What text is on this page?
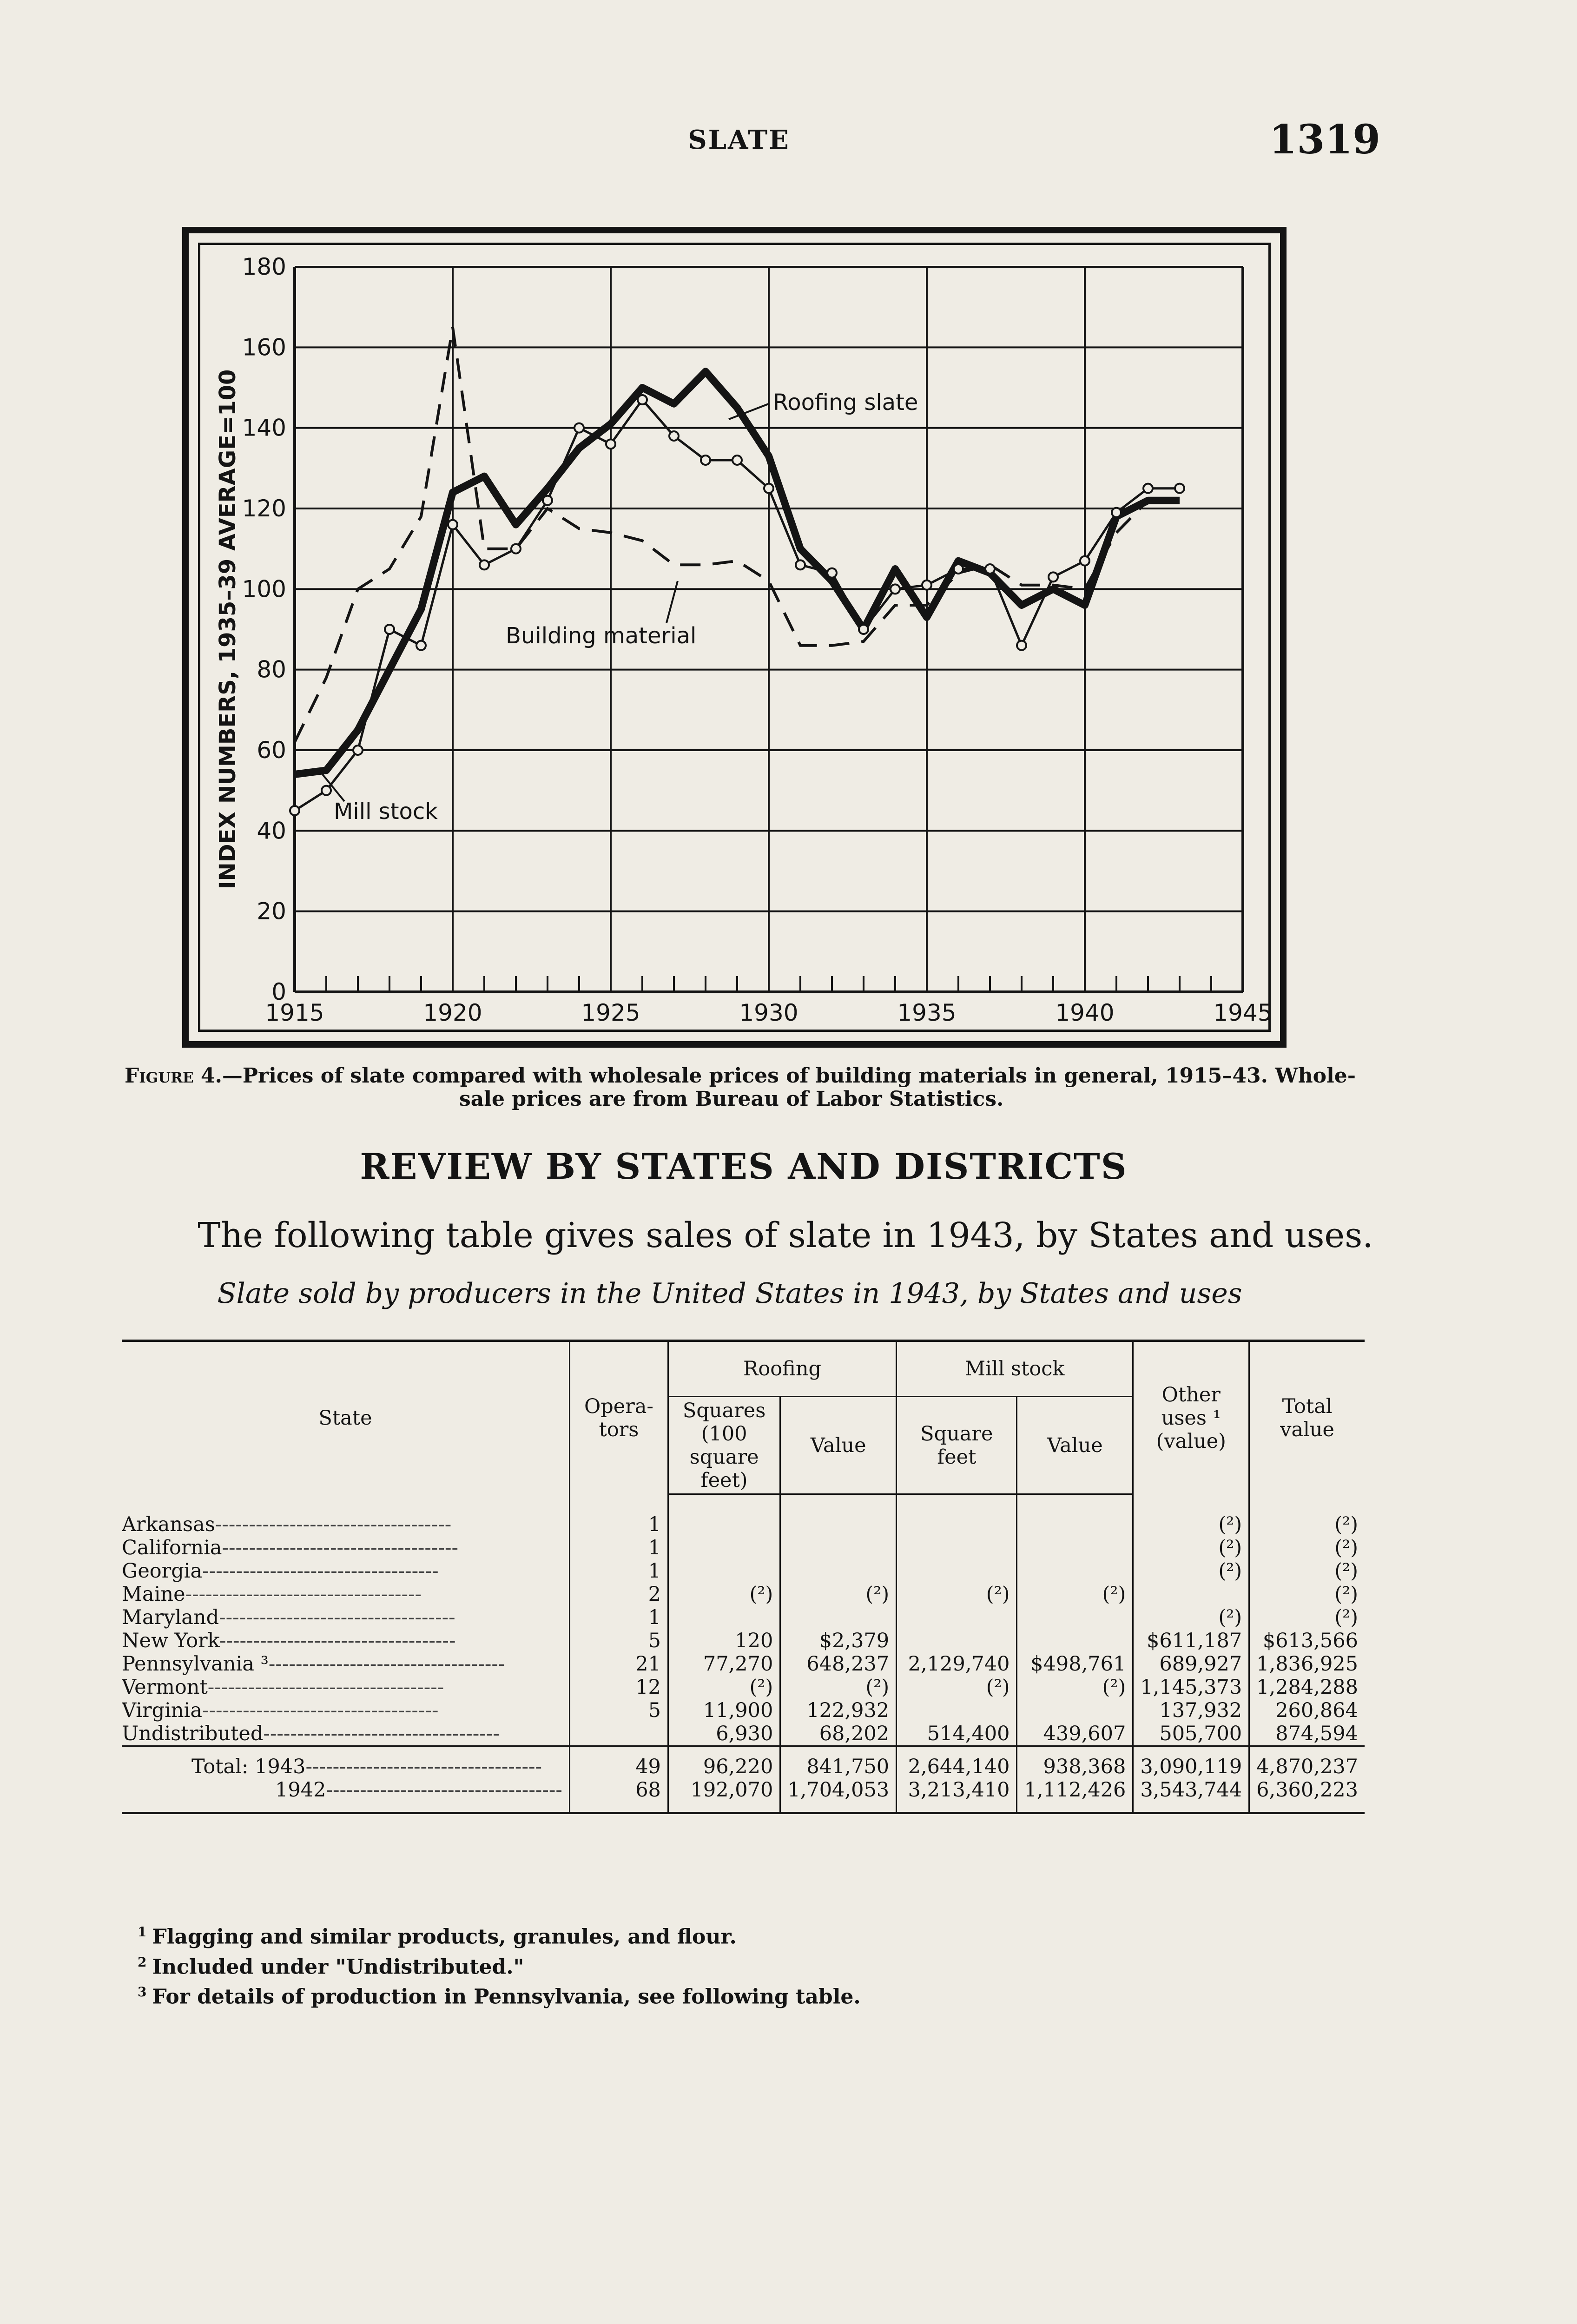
SLATE	1319
0
20
40
60
80
100
120
140
160
180
1915	1920	1925	1930	1935	1940	1945
Roofing slate
Building material
Mill stock
INDEX NUMBERS, 1935–39 AVERAGE=100
Figure 4.—Prices of slate compared with wholesale prices of building materials in general, 1915–43. Whole-
sale prices are from Bureau of Labor Statistics.
REVIEW BY STATES AND DISTRICTS
The following table gives sales of slate in 1943, by States and uses.
Slate sold by producers in the United States in 1943, by States and uses
State	Opera-tors	Roofing		Mill stock		Other uses ¹ (value)	Total value
		Squares (100 square feet)	Value	Square feet	Value		
Arkansas-----------------------------------	1					(²)	(²)
California-----------------------------------	1					(²)	(²)
Georgia-----------------------------------	1					(²)	(²)
Maine-----------------------------------	2	(²)	(²)	(²)	(²)		(²)
Maryland-----------------------------------	1					(²)	(²)
New York-----------------------------------	5	120	$2,379			$611,187	$613,566
Pennsylvania ³-----------------------------------	21	77,270	648,237	2,129,740	$498,761	689,927	1,836,925
Vermont-----------------------------------	12	(²)	(²)	(²)	(²)	1,145,373	1,284,288
Virginia-----------------------------------	5	11,900	122,932			137,932	260,864
Undistributed-----------------------------------		6,930	68,202	514,400	439,607	505,700	874,594
Total: 1943-----------------------------------	49	96,220	841,750	2,644,140	938,368	3,090,119	4,870,237
1942-----------------------------------	68	192,070	1,704,053	3,213,410	1,112,426	3,543,744	6,360,223
$^1$ Flagging and similar products, granules, and flour.
$^2$ Included under "Undistributed."
$^3$ For details of production in Pennsylvania, see following table.
